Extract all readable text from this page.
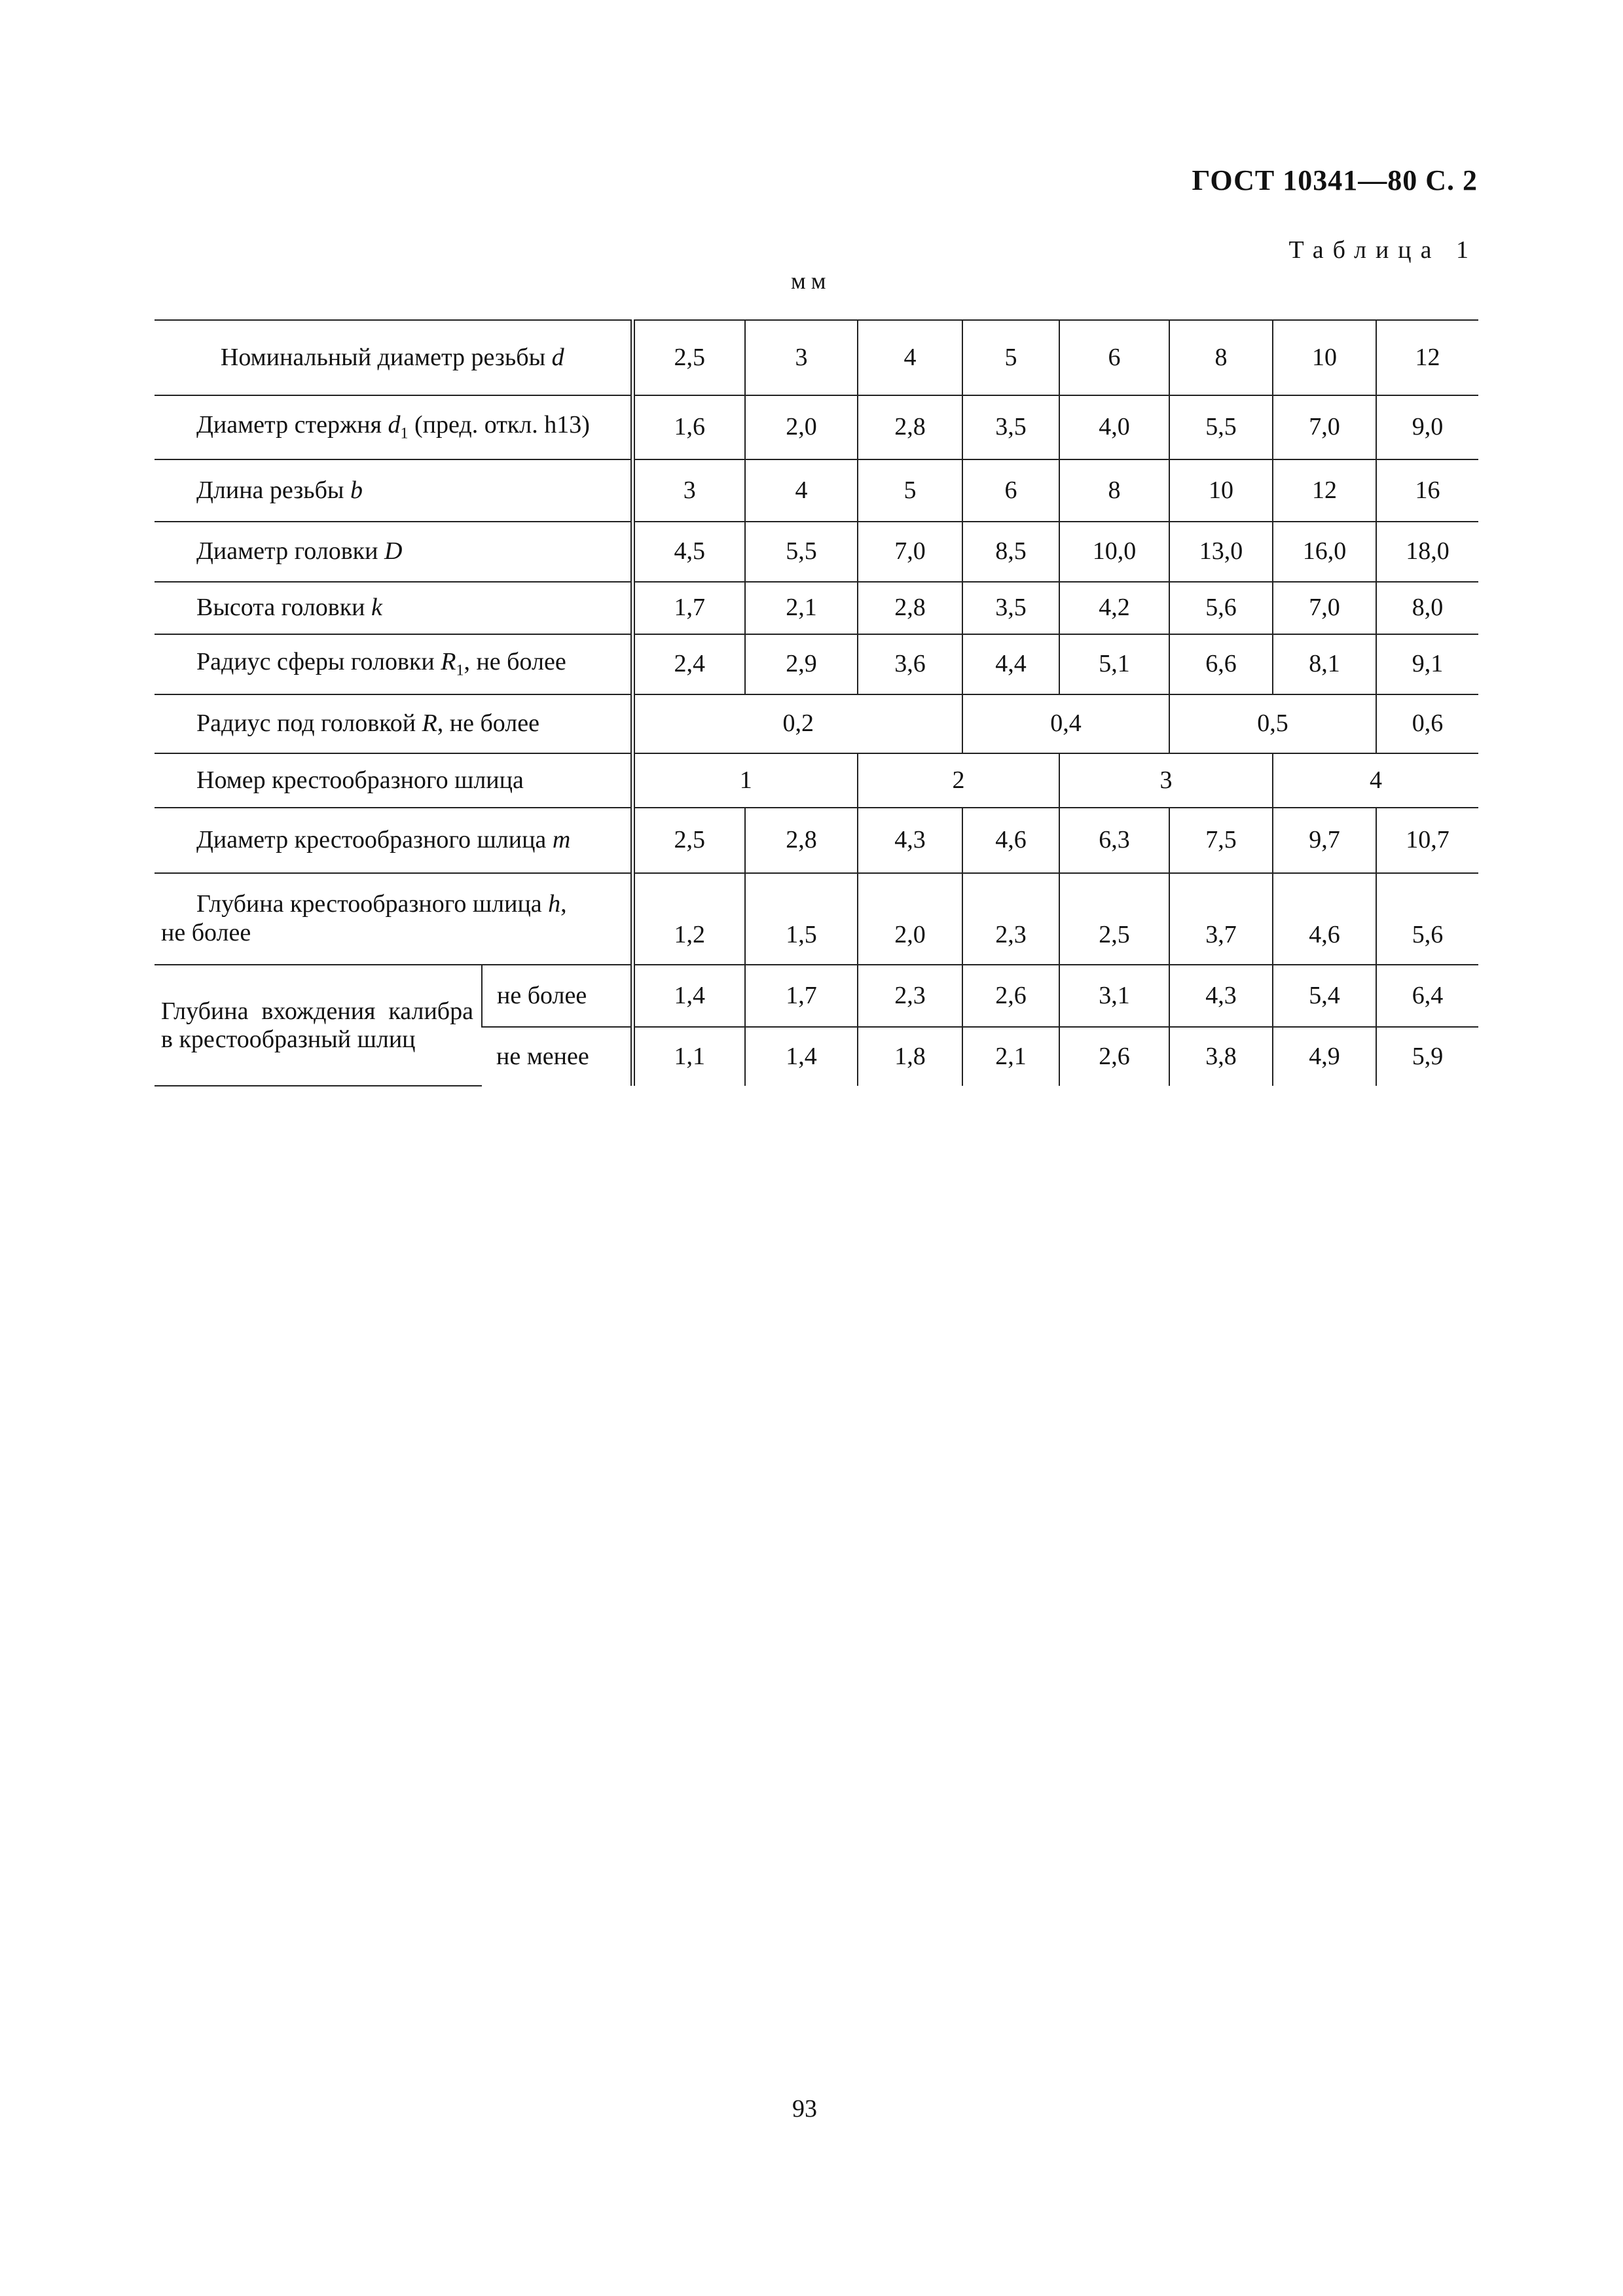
ГОСТ 10341—80 С. 2
Таблица 1
мм
Номинальный диаметр резьбы d		2,5	3	4	5	6	8	10	12
Диаметр стержня $d_1$ (пред. откл. h13)		1,6	2,0	2,8	3,5	4,0	5,5	7,0	9,0
Длина резьбы b		3	4	5	6	8	10	12	16
Диаметр головки D		4,5	5,5	7,0	8,5	10,0	13,0	16,0	18,0
Высота головки k		1,7	2,1	2,8	3,5	4,2	5,6	7,0	8,0
Радиус сферы головки $R_1$, не более		2,4	2,9	3,6	4,4	5,1	6,6	8,1	9,1
Радиус под головкой R, не более		0,2			0,4		0,5		0,6
Номер крестообразного шлица		1		2		3		4	
Диаметр крестообразного шлица m		2,5	2,8	4,3	4,6	6,3	7,5	9,7	10,7

Глубина крестообразного шлица h,
не более		1,2	1,5	2,0	2,3	2,5	3,7	4,6	5,6
Глубина вхождения калибра в крестообразный шлиц	не более	1,4	1,7	2,3	2,6	3,1	4,3	5,4	6,4
	не менее	1,1	1,4	1,8	2,1	2,6	3,8	4,9	5,9
93
